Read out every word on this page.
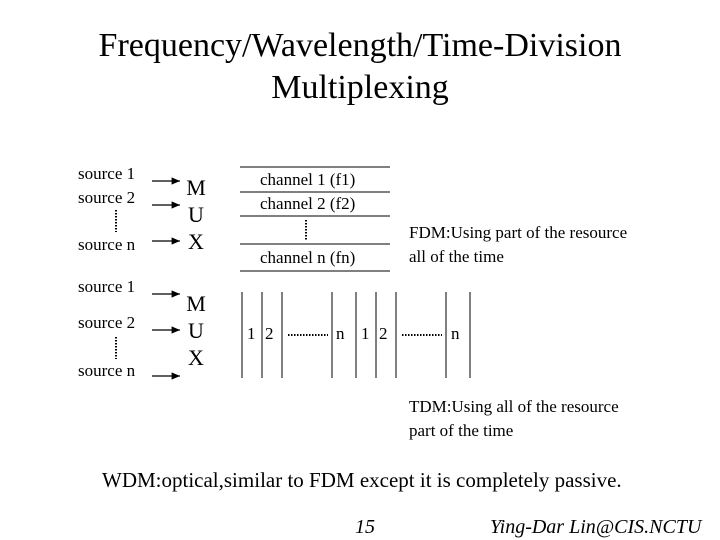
Frequency/Wavelength/Time-Division
Multiplexing
source 1
source 2
source n
M
U
X
channel 1 (f1)
channel 2 (f2)
channel n (fn)
FDM:Using part of the resource
all of the time
source 1
source 2
source n
M
U
X
1 2	n 1 2	n
TDM:Using all of the resource
part of the time
WDM:optical,similar to FDM except it is completely passive.
15	Ying-Dar Lin@CIS.NCTU
